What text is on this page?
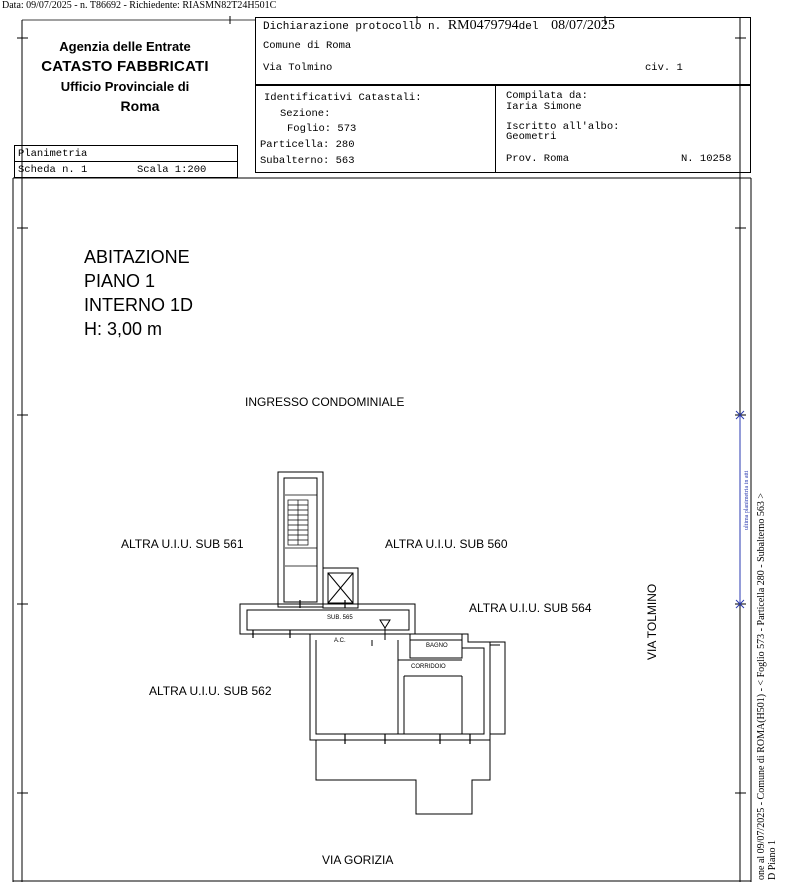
Data: 09/07/2025 - n. T86692 - Richiedente: RIASMN82T24H501C
Agenzia delle Entrate
CATASTO FABBRICATI
Ufficio Provinciale di
Roma
Dichiarazione protocollo n. RM0479794del 08/07/2025
Comune di Roma
Via Tolmino	civ. 1
Identificativi Catastali:
Sezione:
Foglio: 573
Particella: 280
Subalterno: 563
Compilata da:
Iaria Simone
Iscritto all'albo:
Geometri
Prov. Roma	N. 10258
Planimetria
Scheda n. 1	Scala 1:200
ABITAZIONE
PIANO 1
INTERNO 1D
H: 3,00 m
INGRESSO CONDOMINIALE
ALTRA U.I.U. SUB 561	ALTRA U.I.U. SUB 560
ALTRA U.I.U. SUB 564
ALTRA U.I.U. SUB 562
VIA GORIZIA
VIA TOLMINO
SUB. 565
A.C.
BAGNO
CORRIDOIO	one al 09/07/2025 - Comune di ROMA(H501) - < Foglio 573 - Particella 280 - Subalterno 563 > D Piano 1
ultima planimetria in atti
